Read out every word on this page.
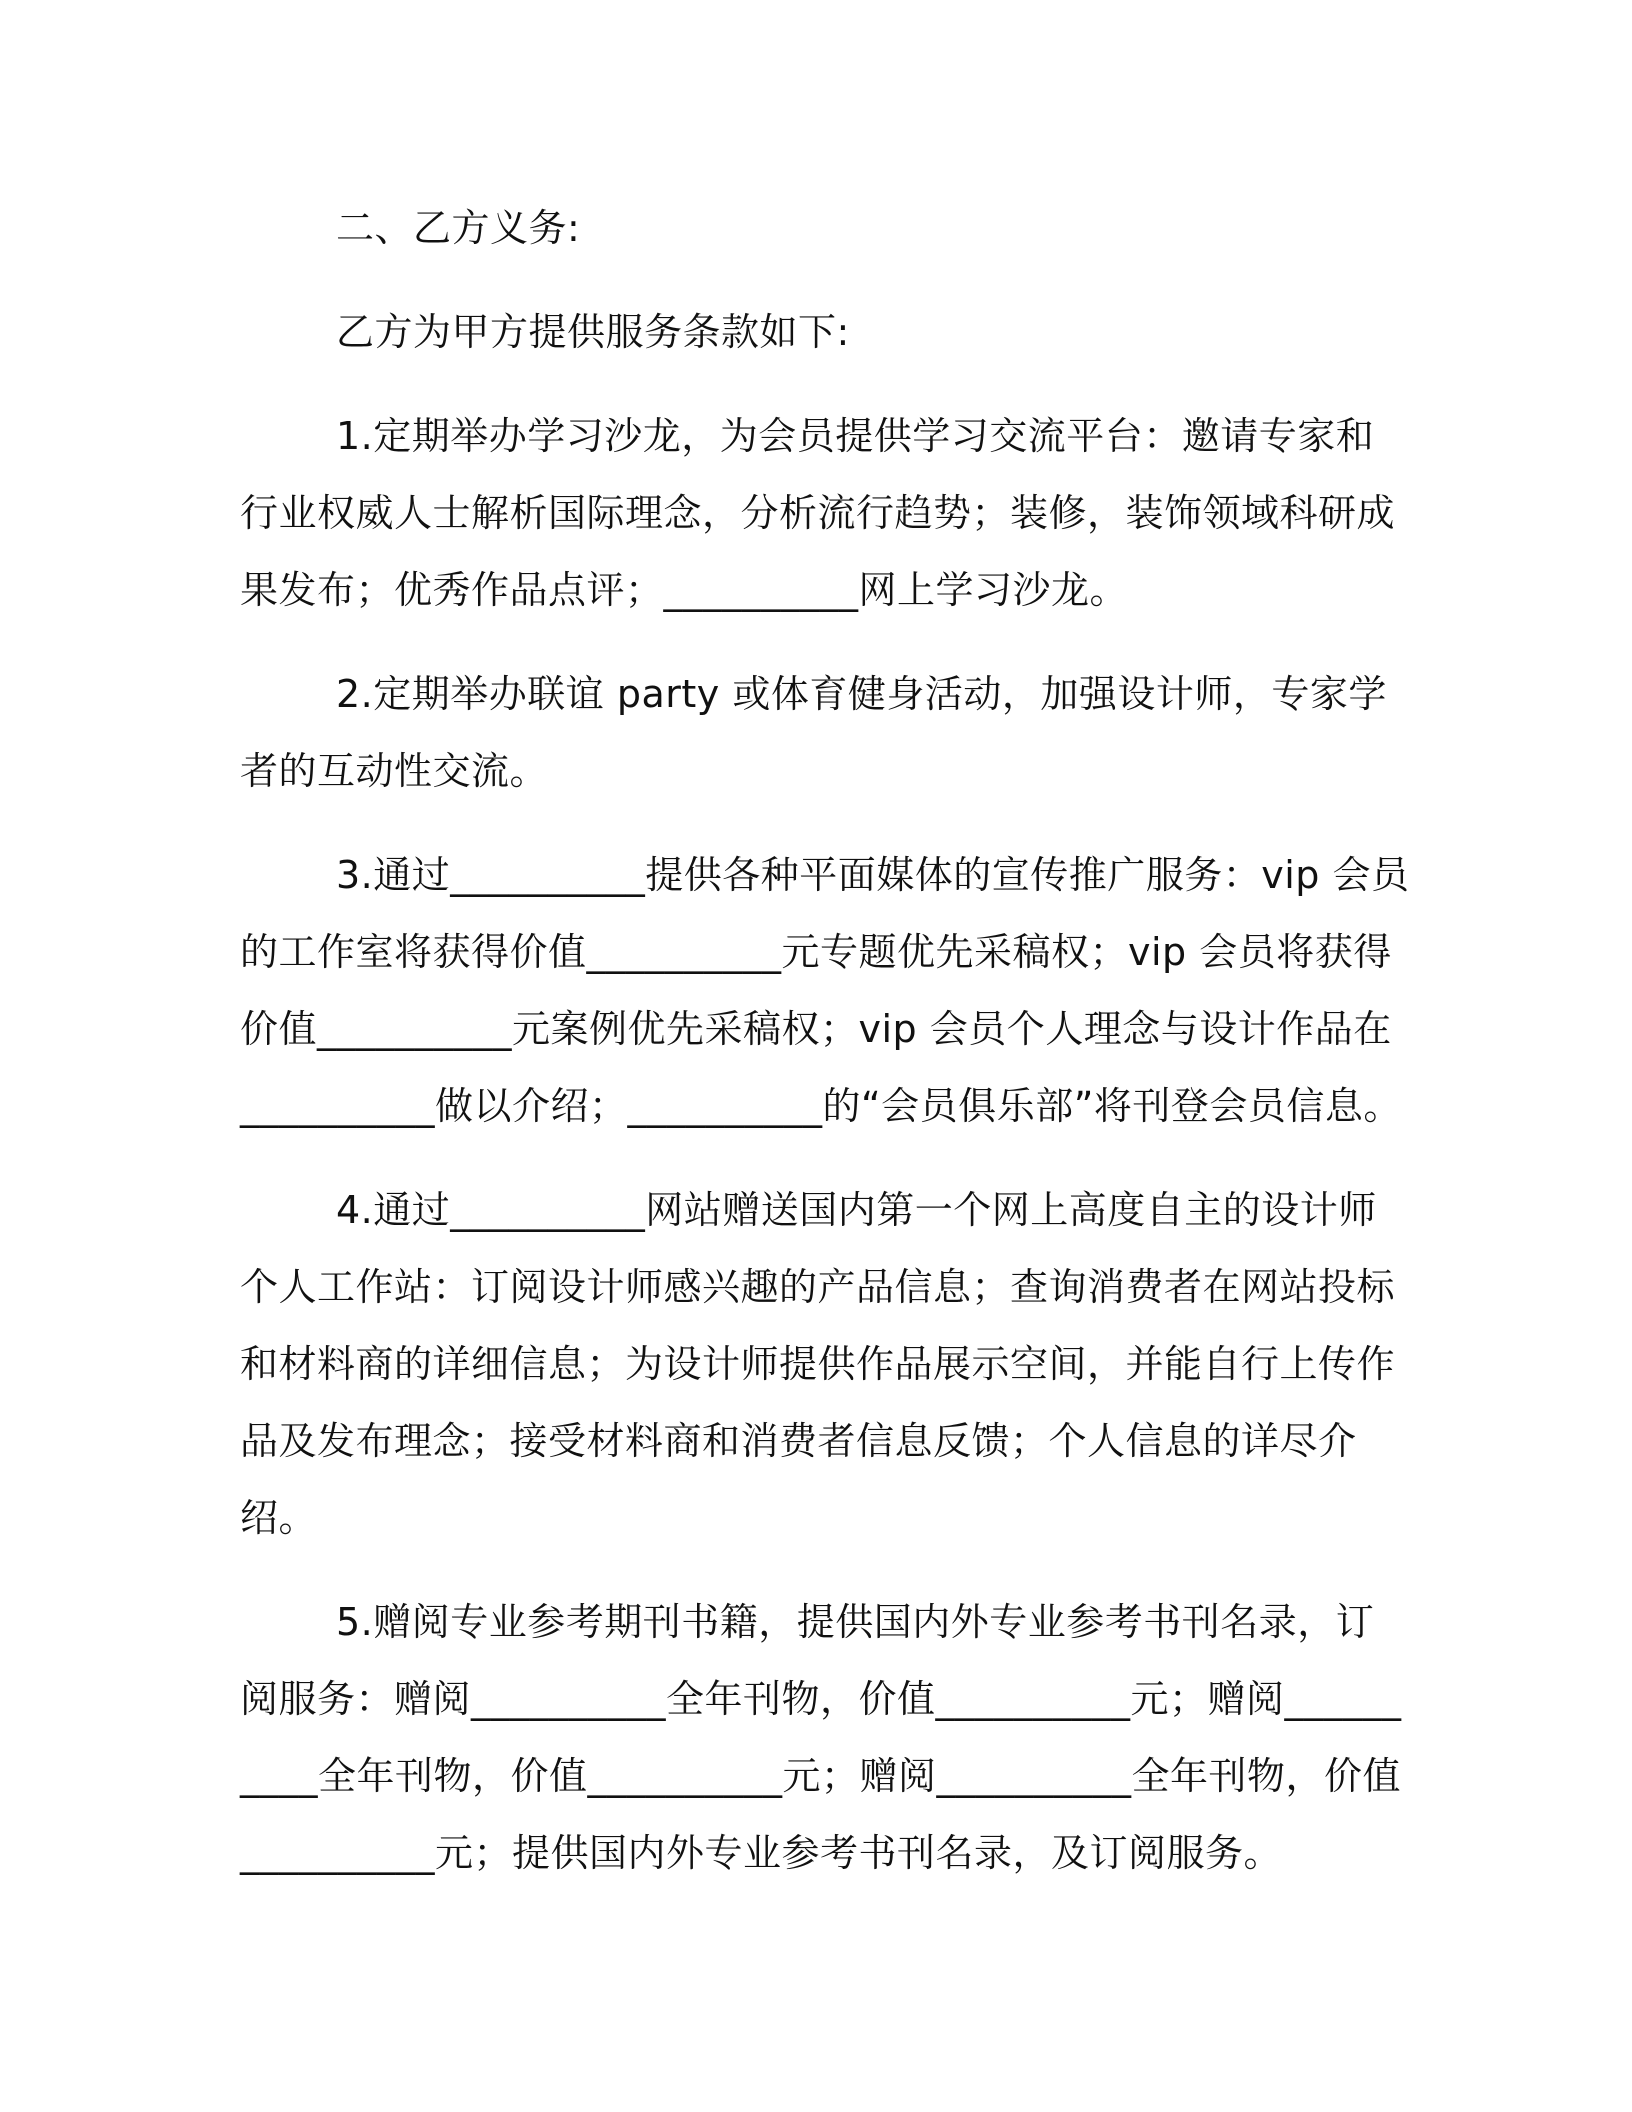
二、乙方义务:

乙方为甲方提供服务条款如下:

1.定期举办学习沙龙，为会员提供学习交流平台：邀请专家和行业权威人士解析国际理念，分析流行趋势；装修，装饰领域科研成果发布；优秀作品点评；__________网上学习沙龙。

2.定期举办联谊 party 或体育健身活动，加强设计师，专家学者的互动性交流。

3.通过__________提供各种平面媒体的宣传推广服务：vip 会员的工作室将获得价值__________元专题优先采稿权；vip 会员将获得价值__________元案例优先采稿权；vip 会员个人理念与设计作品在__________做以介绍；__________的“会员俱乐部”将刊登会员信息。

4.通过__________网站赠送国内第一个网上高度自主的设计师个人工作站：订阅设计师感兴趣的产品信息；查询消费者在网站投标和材料商的详细信息；为设计师提供作品展示空间，并能自行上传作品及发布理念；接受材料商和消费者信息反馈；个人信息的详尽介绍。

5.赠阅专业参考期刊书籍，提供国内外专业参考书刊名录，订阅服务：赠阅__________全年刊物，价值__________元；赠阅__________全年刊物，价值__________元；赠阅__________全年刊物，价值__________元；提供国内外专业参考书刊名录，及订阅服务。
